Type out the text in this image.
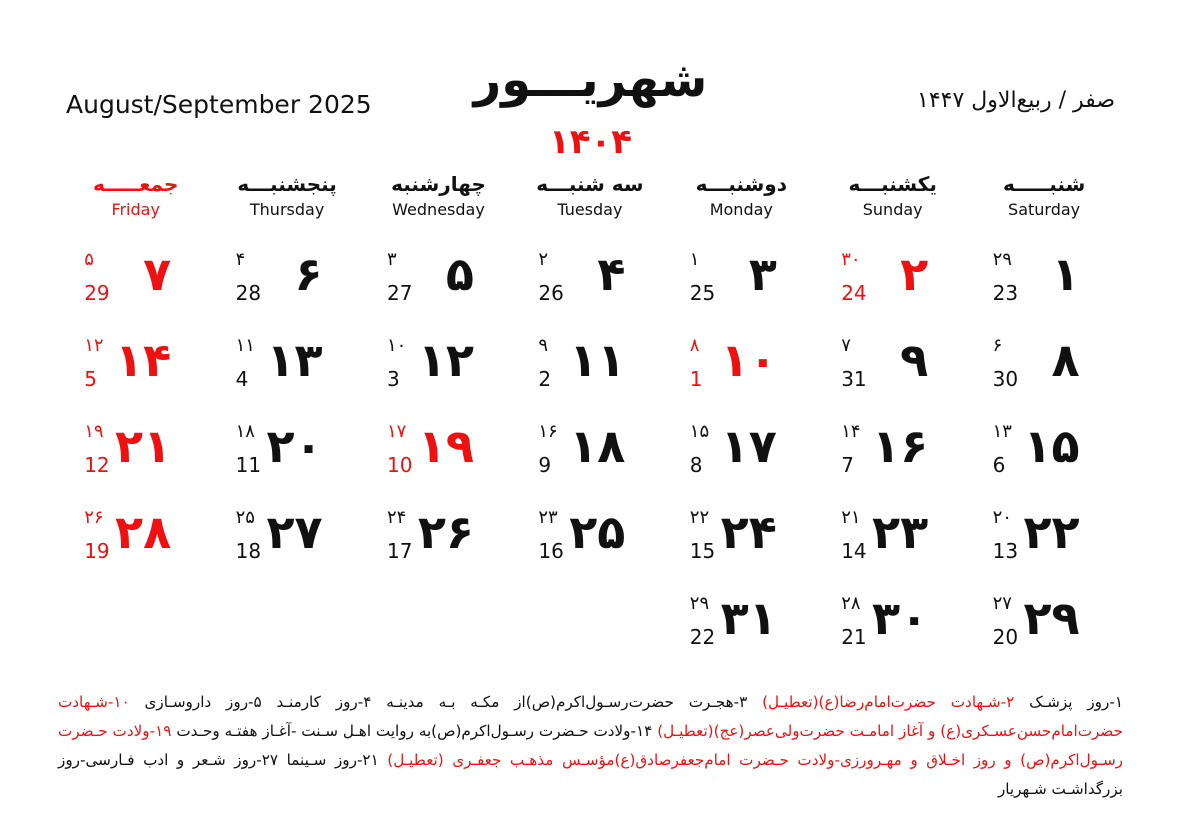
August/September 2025	صفر / ربیع‌الاول ۱۴۴۷
شهریـــور
۱۴۰۴
شنبـــــه
Saturday
یکشنبـــه
Sunday
دوشنبـــه
Monday
سه شنبـــه
Tuesday
چهارشنبه
Wednesday
پنجشنبـــه
Thursday
جمعـــــه
Friday
۱
۲۹
23
۲
۳۰
24
۳
۱
25
۴
۲
26
۵
۳
27
۶
۴
28
۷
۵
29
۸
۶
30
۹
۷
31
۱۰
۸
1
۱۱
۹
2
۱۲
۱۰
3
۱۳
۱۱
4
۱۴
۱۲
5
۱۵
۱۳
6
۱۶
۱۴
7
۱۷
۱۵
8
۱۸
۱۶
9
۱۹
۱۷
10
۲۰
۱۸
11
۲۱
۱۹
12
۲۲
۲۰
13
۲۳
۲۱
14
۲۴
۲۲
15
۲۵
۲۳
16
۲۶
۲۴
17
۲۷
۲۵
18
۲۸
۲۶
19
۲۹
۲۷
20
۳۰
۲۸
21
۳۱
۲۹
22
۱-روز پزشـک ۲-شـهادت حضرت‌امام‌رضا(ع)(تعطیـل) ۳-هجـرت حضرت‌رسـول‌اکرم(ص)از مکـه بـه مدینـه ۴-روز کارمنـد ۵-روز داروسـازی ۱۰-شـهادت حضرت‌امام‌حسن‌عسـکری(ع) و آغاز امامـت حضرت‌ولی‌عصر(عج)(تعطیـل) ۱۴-ولادت حـضرت رسـول‌اکرم(ص)به روایت اهـل سـنت -آغـاز هفتـه وحـدت ۱۹-ولادت حـضرت رسـول‌اکرم(ص) و روز اخـلاق و مهـرورزی-ولادت حـضرت امام‌جعفرصادق(ع)مؤسـس مذهـب جعفـری (تعطیـل) ۲۱-روز سـینما ۲۷-روز شـعر و ادب فـارسی-روز بزرگداشـت شـهریار
